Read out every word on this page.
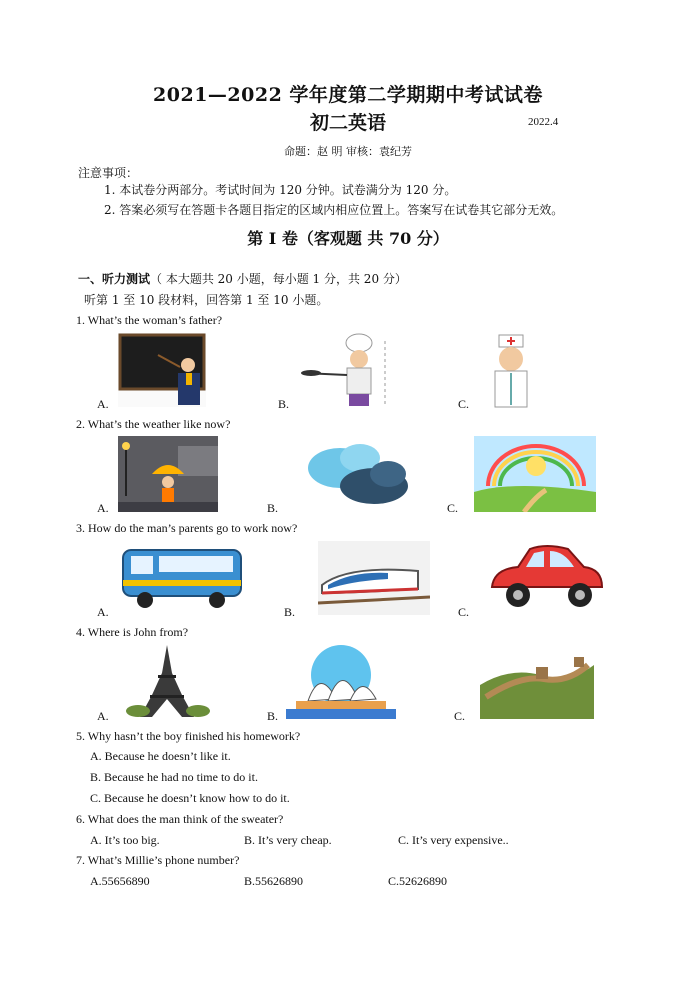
2021—2022 学年度第二学期期中考试试卷
初二英语	2022.4
命题：赵 明 审核：袁纪芳
注意事项：
1. 本试卷分两部分。考试时间为 120 分钟。试卷满分为 120 分。
2. 答案必须写在答题卡各题目指定的区域内相应位置上。答案写在试卷其它部分无效。
第 I 卷（客观题 共 70 分）
一、听力测试（ 本大题共 20 小题，每小题 1 分，共 20 分）
听第 1 至 10 段材料，回答第 1 至 10 小题。
1. What’s the woman’s father?
A.	B.	C.
2. What’s the weather like now?
A.	B.	C.
3. How do the man’s parents go to work now?
A.	B.	C.
4. Where is John from?
A.	B.	C.
5. Why hasn’t the boy finished his homework?
A. Because he doesn’t like it.
B. Because he had no time to do it.
C. Because he doesn’t know how to do it.
6. What does the man think of the sweater?
A. It’s too big.	B. It’s very cheap.	C. It’s very expensive..
7. What’s Millie’s phone number?
A.55656890	B.55626890	C.52626890
